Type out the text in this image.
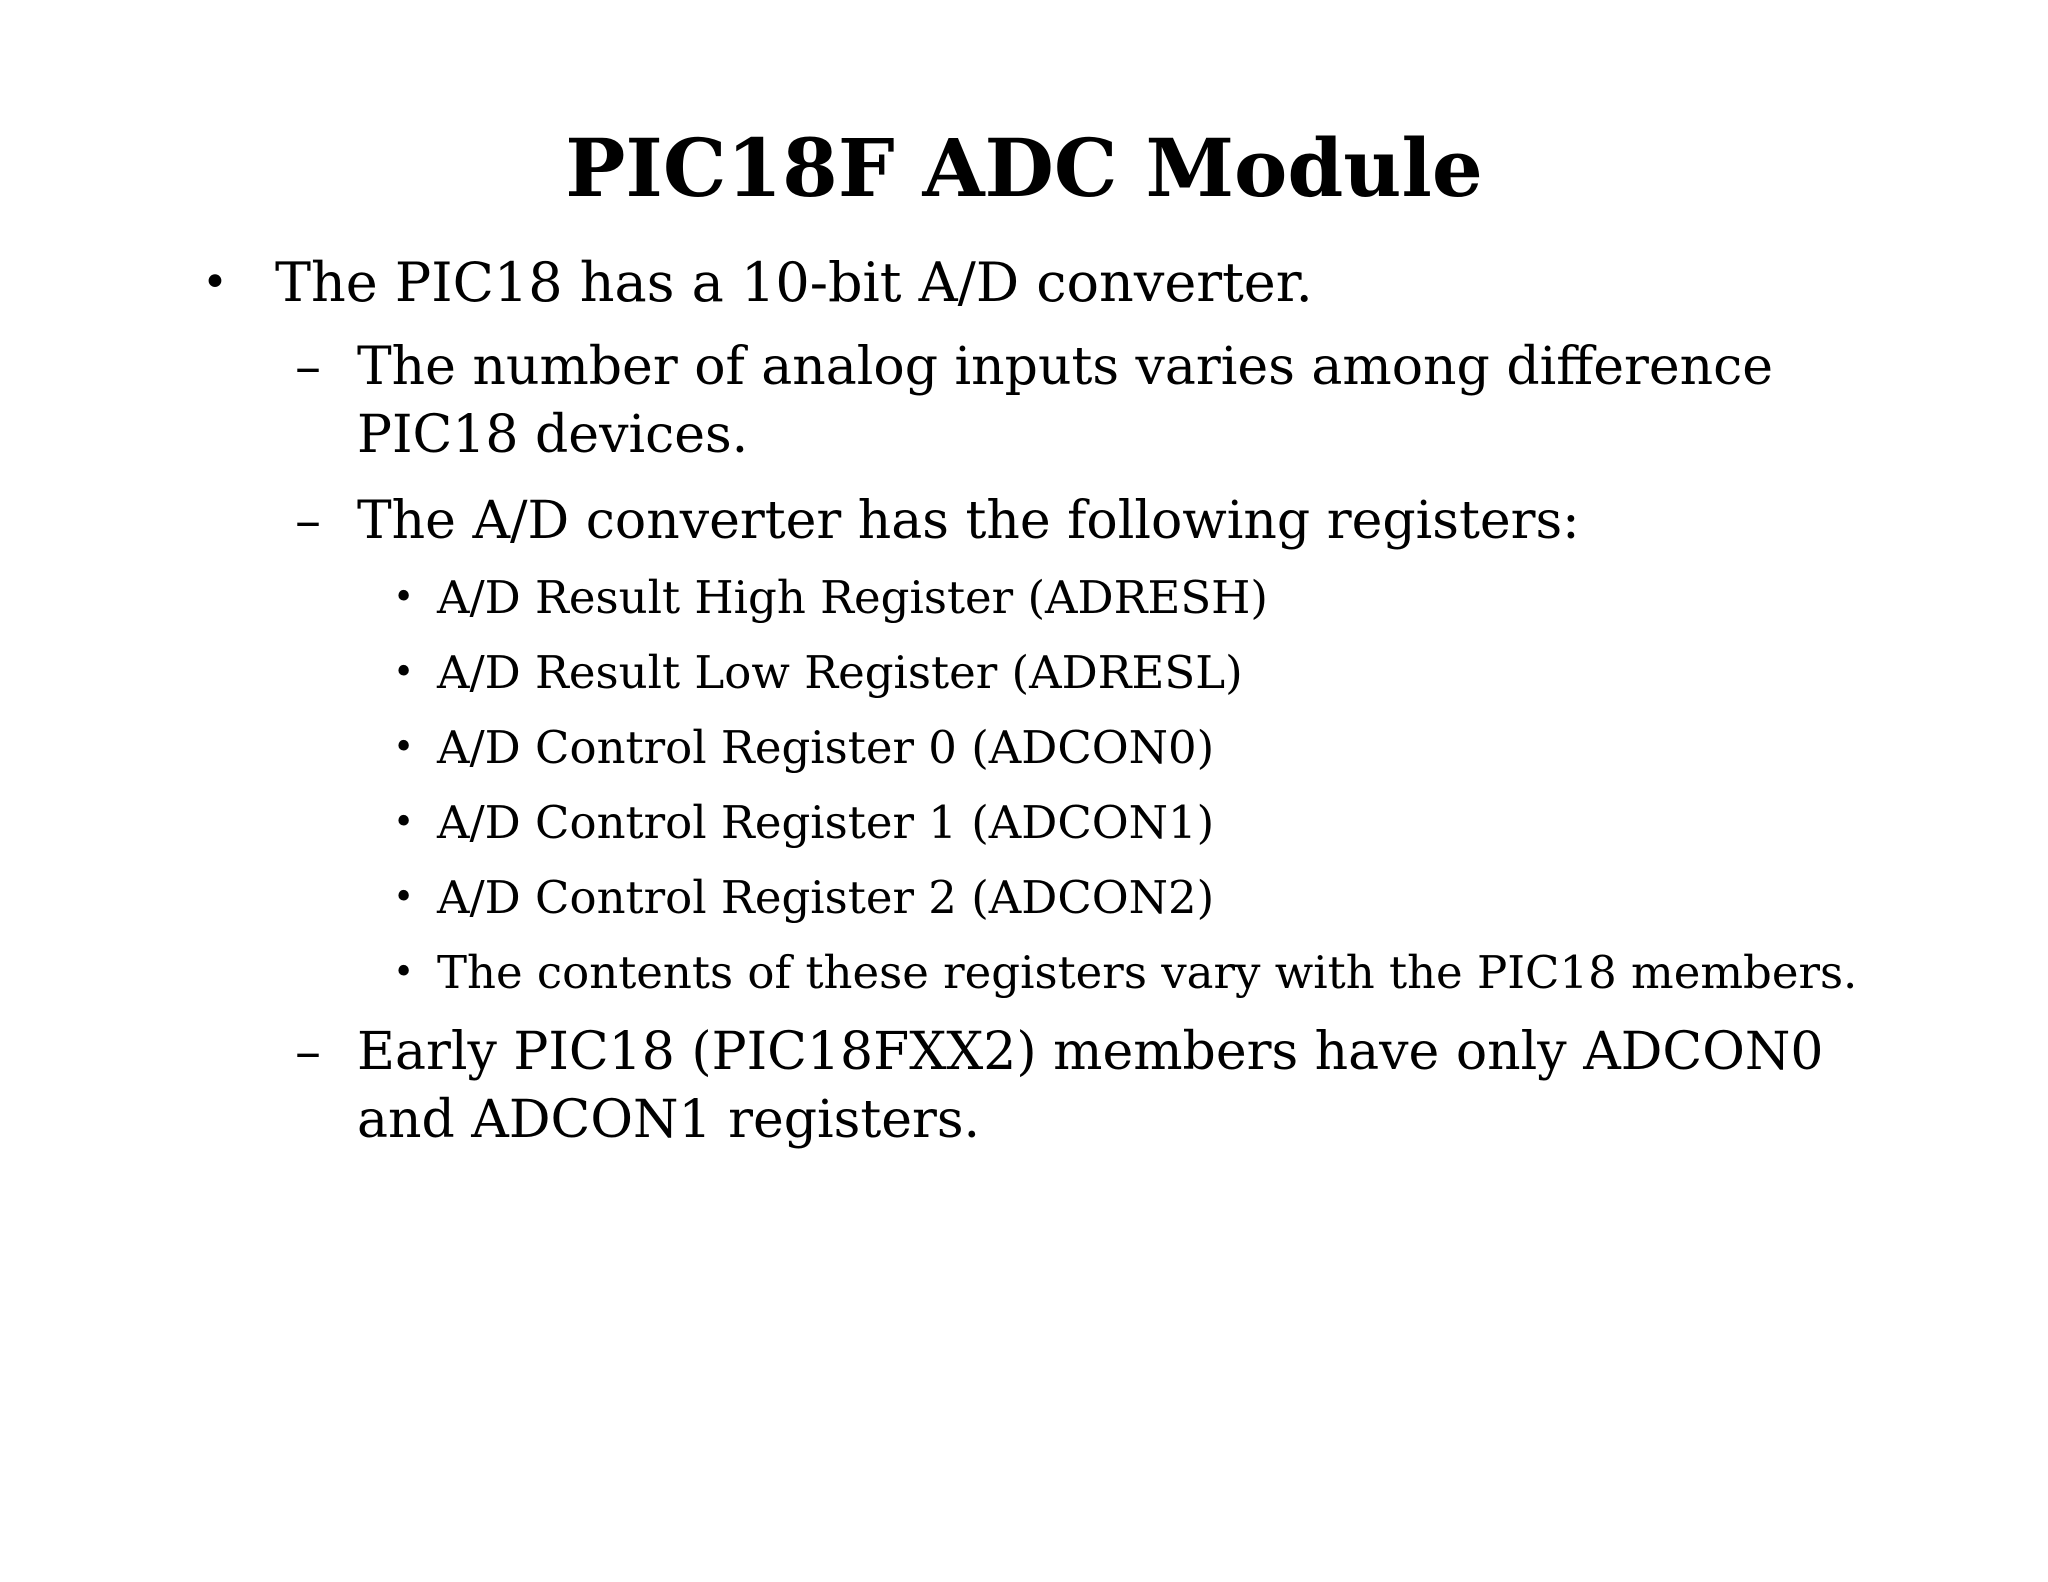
PIC18F ADC Module
• The PIC18 has a 10-bit A/D converter.
– The number of analog inputs varies among difference
PIC18 devices.
– The A/D converter has the following registers:
• A/D Result High Register (ADRESH)
• A/D Result Low Register (ADRESL)
• A/D Control Register 0 (ADCON0)
• A/D Control Register 1 (ADCON1)
• A/D Control Register 2 (ADCON2)
• The contents of these registers vary with the PIC18 members.
– Early PIC18 (PIC18FXX2) members have only ADCON0
and ADCON1 registers.
